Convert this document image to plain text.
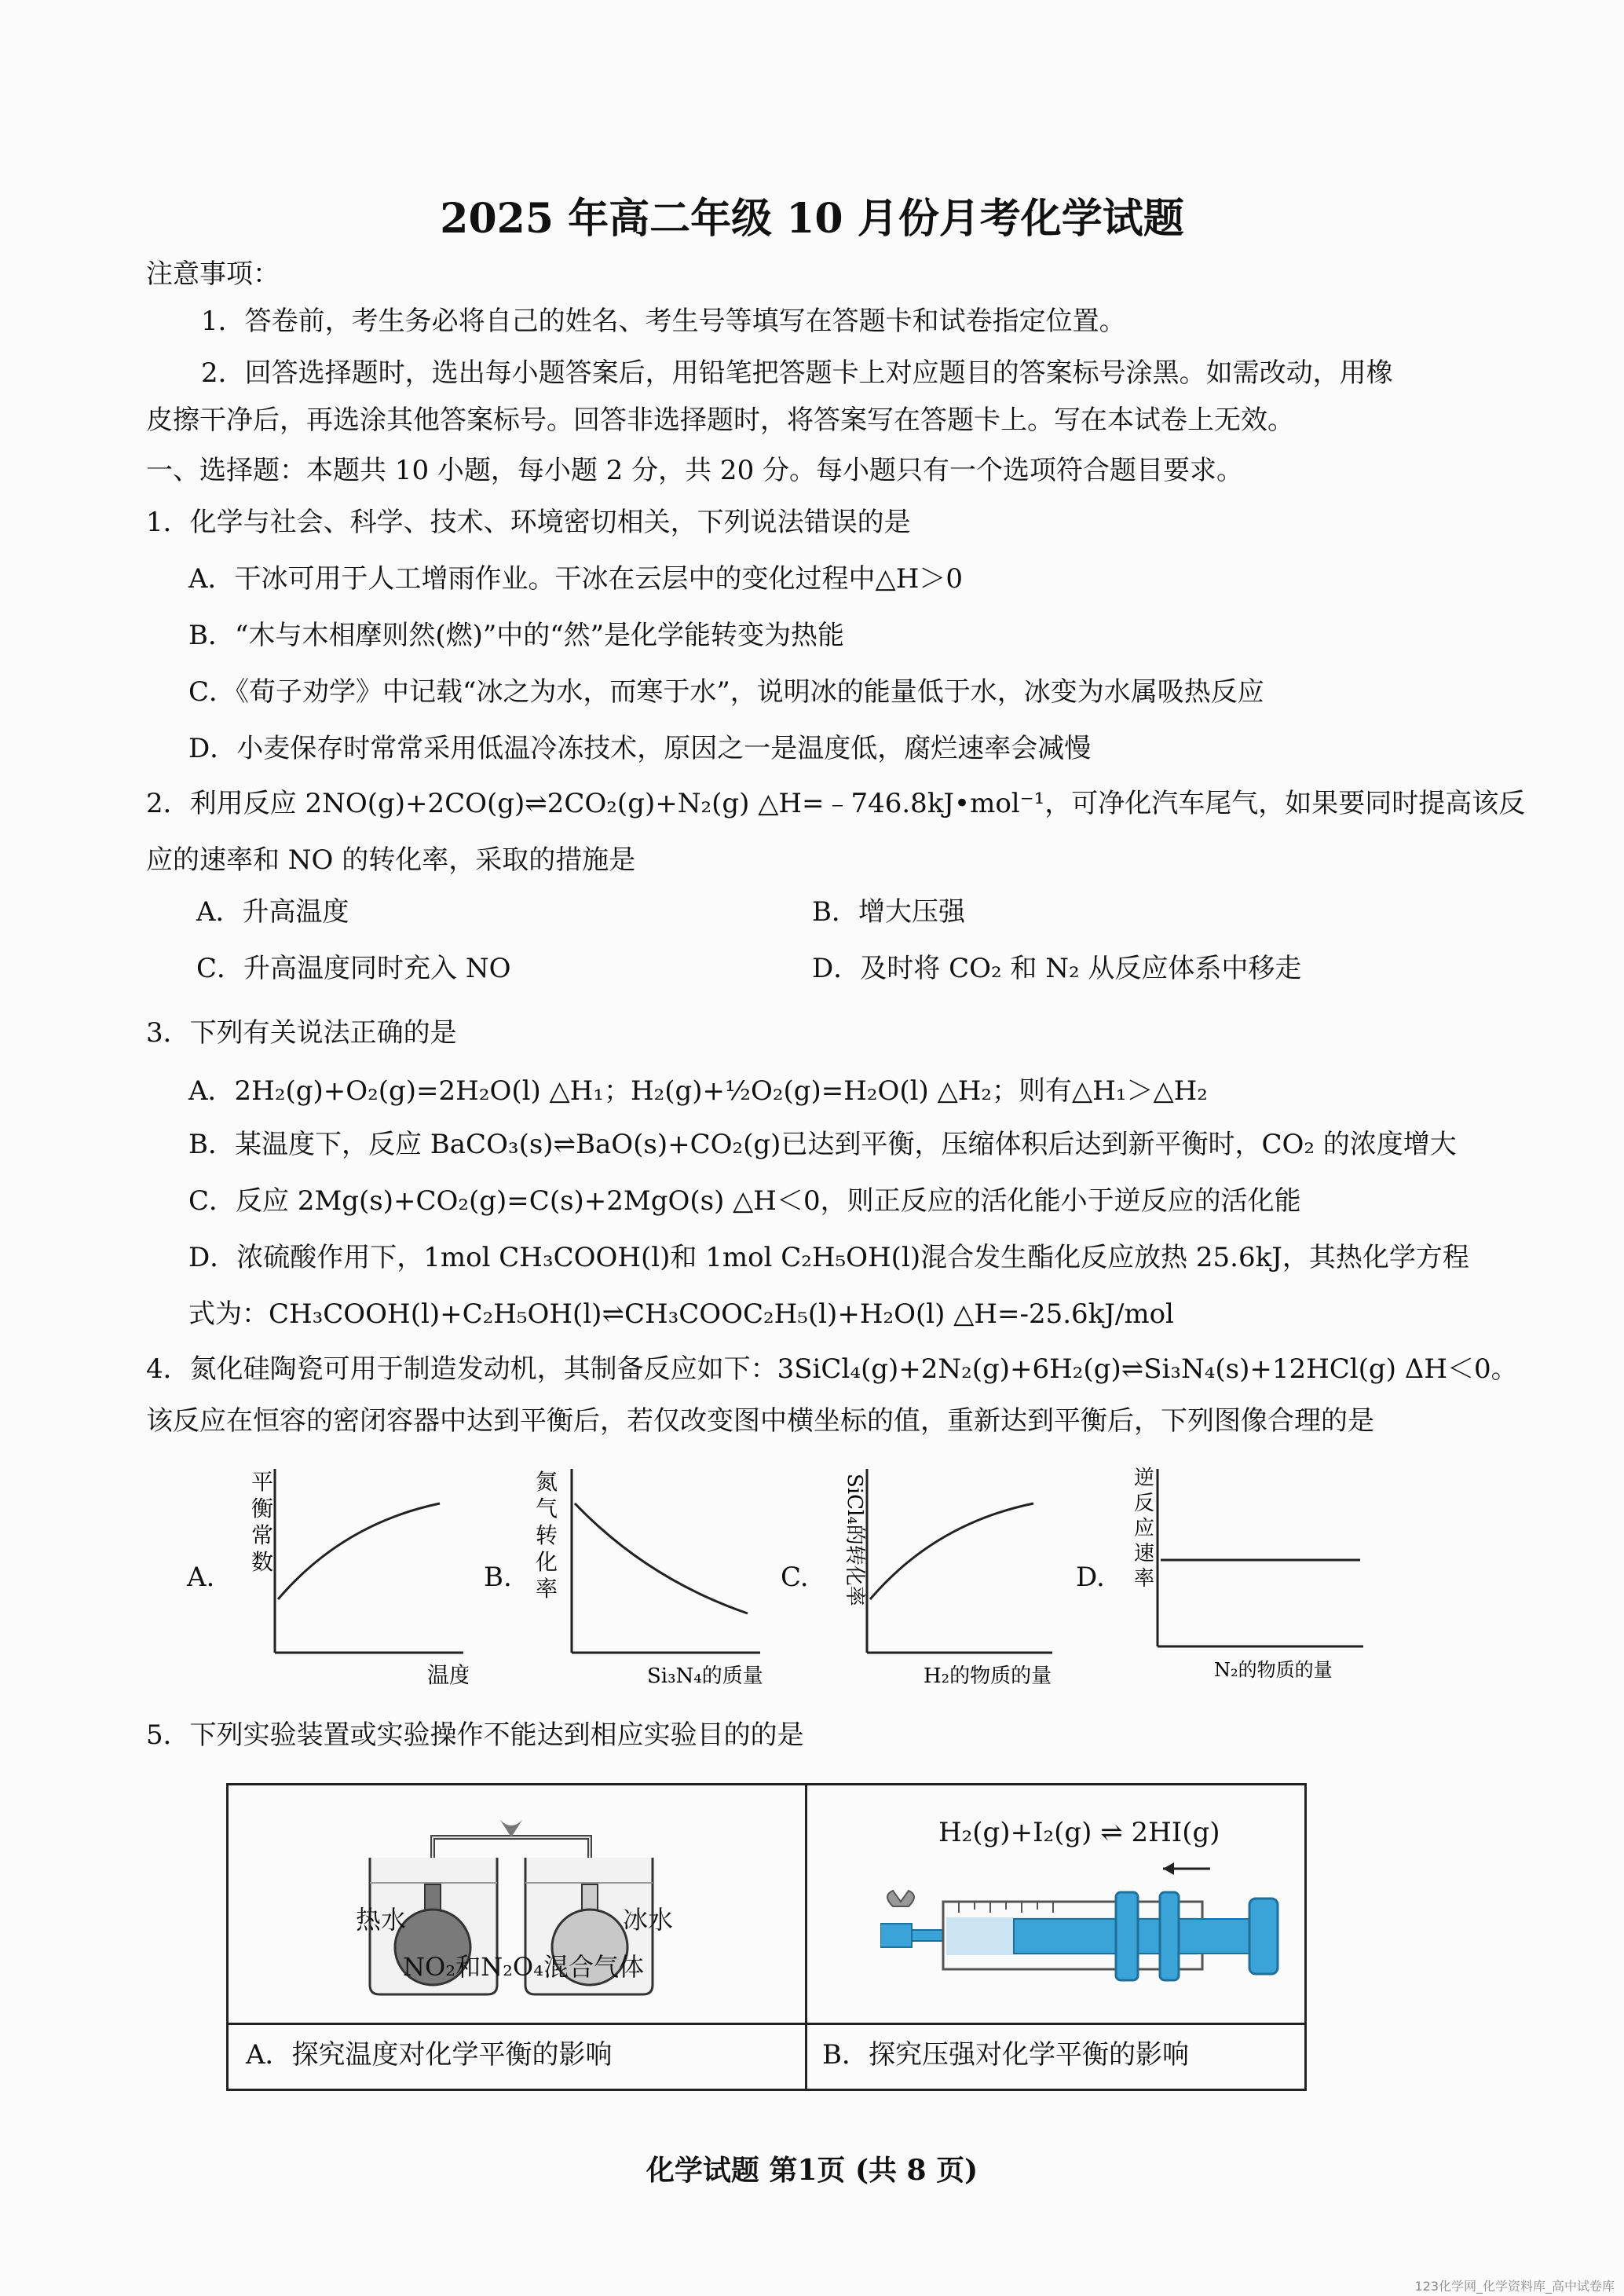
2025 年高二年级 10 月份月考化学试题
注意事项：
1．答卷前，考生务必将自己的姓名、考生号等填写在答题卡和试卷指定位置。
2．回答选择题时，选出每小题答案后，用铅笔把答题卡上对应题目的答案标号涂黑。如需改动，用橡
皮擦干净后，再选涂其他答案标号。回答非选择题时，将答案写在答题卡上。写在本试卷上无效。
一、选择题：本题共 10 小题，每小题 2 分，共 20 分。每小题只有一个选项符合题目要求。
1．化学与社会、科学、技术、环境密切相关，下列说法错误的是
A．干冰可用于人工增雨作业。干冰在云层中的变化过程中△H＞0
B．“木与木相摩则然(燃)”中的“然”是化学能转变为热能
C．《荀子劝学》中记载“冰之为水，而寒于水”，说明冰的能量低于水，冰变为水属吸热反应
D．小麦保存时常常采用低温冷冻技术，原因之一是温度低，腐烂速率会减慢
2．利用反应 2NO(g)+2CO(g)⇌2CO₂(g)+N₂(g) △H=﹣746.8kJ•mol⁻¹，可净化汽车尾气，如果要同时提高该反
应的速率和 NO 的转化率，采取的措施是
A．升高温度	B．增大压强
C．升高温度同时充入 NO	D．及时将 CO₂ 和 N₂ 从反应体系中移走
3．下列有关说法正确的是
A．2H₂(g)+O₂(g)=2H₂O(l) △H₁；H₂(g)+½O₂(g)=H₂O(l) △H₂；则有△H₁＞△H₂
B．某温度下，反应 BaCO₃(s)⇌BaO(s)+CO₂(g)已达到平衡，压缩体积后达到新平衡时，CO₂ 的浓度增大
C．反应 2Mg(s)+CO₂(g)=C(s)+2MgO(s) △H＜0，则正反应的活化能小于逆反应的活化能
D．浓硫酸作用下，1mol CH₃COOH(l)和 1mol C₂H₅OH(l)混合发生酯化反应放热 25.6kJ，其热化学方程
式为：CH₃COOH(l)+C₂H₅OH(l)⇌CH₃COOC₂H₅(l)+H₂O(l) △H=-25.6kJ/mol
4．氮化硅陶瓷可用于制造发动机，其制备反应如下：3SiCl₄(g)+2N₂(g)+6H₂(g)⇌Si₃N₄(s)+12HCl(g) ΔH＜0。
该反应在恒容的密闭容器中达到平衡后，若仅改变图中横坐标的值，重新达到平衡后，下列图像合理的是
A.
平
衡
常
数
温度
B.
氮
气
转
化
率
Si₃N₄的质量
C. SiCl₄的转化率
H₂的物质的量
D.
逆
反
应
速
率
N₂的物质的量
5．下列实验装置或实验操作不能达到相应实验目的的是
热水	冰水
NO₂和N₂O₄混合气体
H₂(g)+I₂(g) ⇌ 2HI(g)
A．探究温度对化学平衡的影响	B．探究压强对化学平衡的影响
化学试题 第1页 (共 8 页)
123化学网_化学资料库_高中试卷库
